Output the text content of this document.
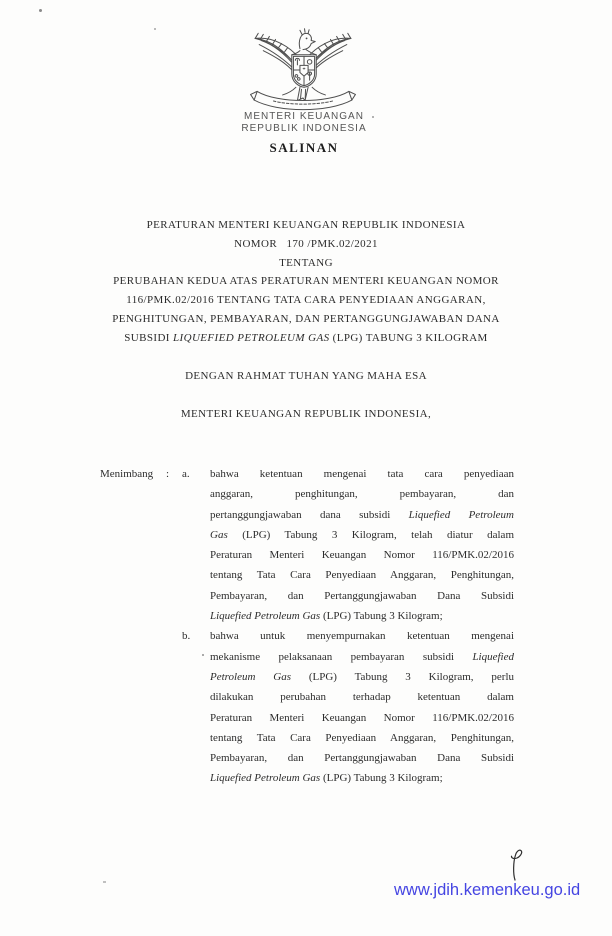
MENTERI KEUANGAN
REPUBLIK INDONESIA
SALINAN
PERATURAN MENTERI KEUANGAN REPUBLIK INDONESIA
NOMOR   170 /PMK.02/2021
TENTANG
PERUBAHAN KEDUA ATAS PERATURAN MENTERI KEUANGAN NOMOR
116/PMK.02/2016 TENTANG TATA CARA PENYEDIAAN ANGGARAN,
PENGHITUNGAN, PEMBAYARAN, DAN PERTANGGUNGJAWABAN DANA
SUBSIDI LIQUEFIED PETROLEUM GAS (LPG) TABUNG 3 KILOGRAM
DENGAN RAHMAT TUHAN YANG MAHA ESA
MENTERI KEUANGAN REPUBLIK INDONESIA,
Menimbang	:	a.	bahwa ketentuan mengenai tata cara penyediaan
anggaran, penghitungan, pembayaran, dan
pertanggungjawaban dana subsidi Liquefied Petroleum
Gas (LPG) Tabung 3 Kilogram, telah diatur dalam
Peraturan Menteri Keuangan Nomor 116/PMK.02/2016
tentang Tata Cara Penyediaan Anggaran, Penghitungan,
Pembayaran, dan Pertanggungjawaban Dana Subsidi
Liquefied Petroleum Gas (LPG) Tabung 3 Kilogram;
b.	bahwa untuk menyempurnakan ketentuan mengenai
mekanisme pelaksanaan pembayaran subsidi Liquefied
Petroleum Gas (LPG) Tabung 3 Kilogram, perlu
dilakukan perubahan terhadap ketentuan dalam
Peraturan Menteri Keuangan Nomor 116/PMK.02/2016
tentang Tata Cara Penyediaan Anggaran, Penghitungan,
Pembayaran, dan Pertanggungjawaban Dana Subsidi
Liquefied Petroleum Gas (LPG) Tabung 3 Kilogram;
www.jdih.kemenkeu.go.id
